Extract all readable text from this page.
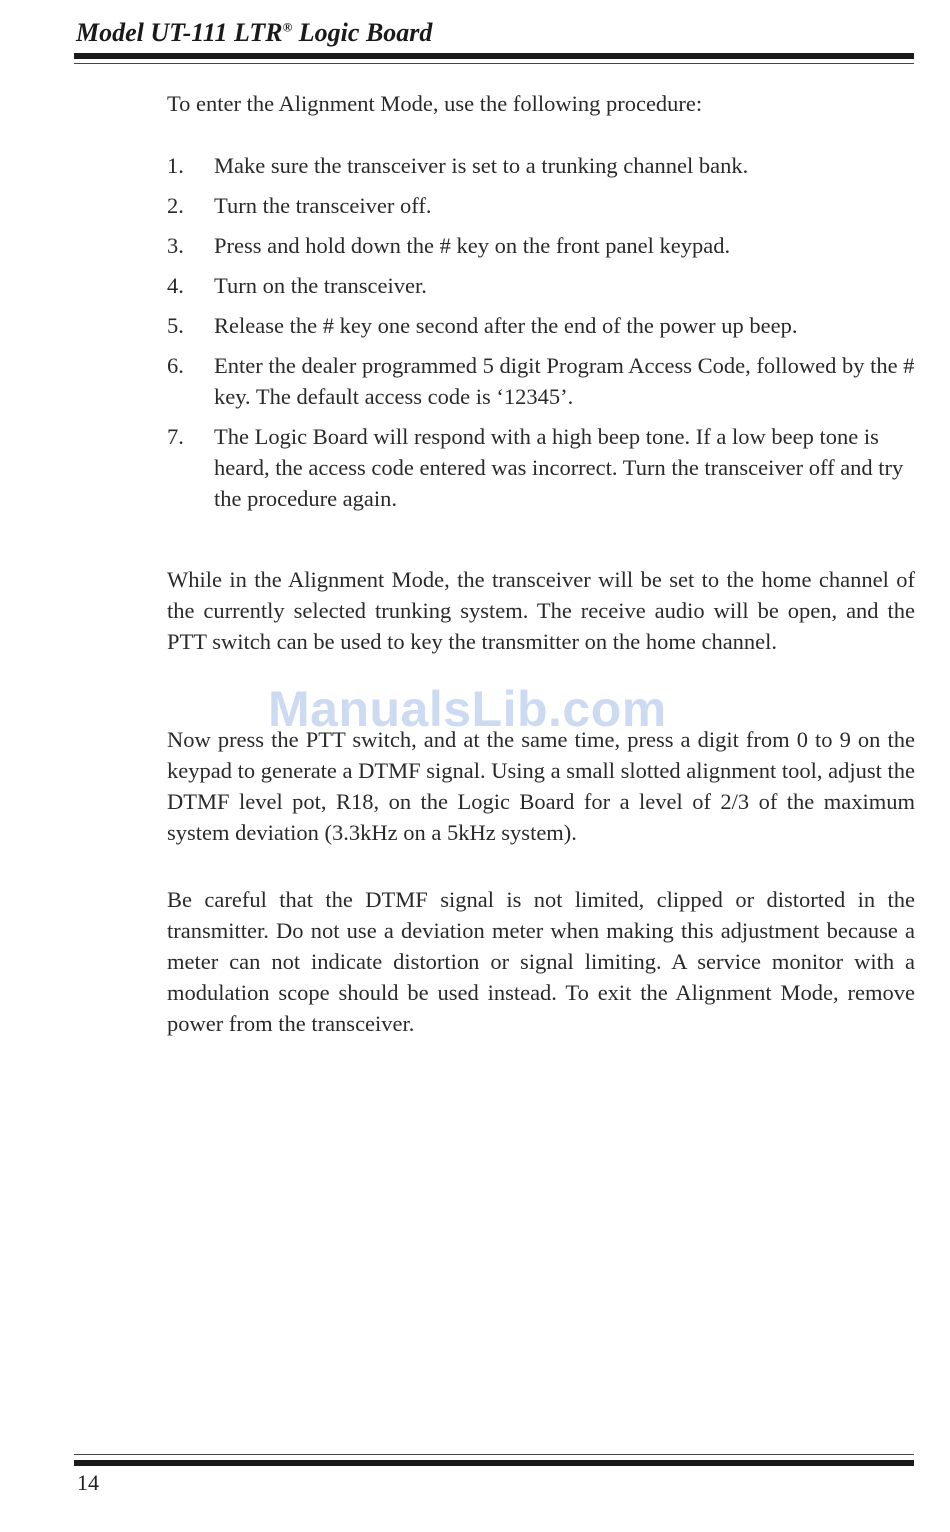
Model UT-111 LTR® Logic Board
To enter the Alignment Mode, use the following procedure:
1. Make sure the transceiver is set to a trunking channel bank.
2. Turn the transceiver off.
3. Press and hold down the # key on the front panel keypad.
4. Turn on the transceiver.
5. Release the # key one second after the end of the power up beep.
6. Enter the dealer programmed 5 digit Program Access Code, followed by the # key. The default access code is ‘12345’.
7. The Logic Board will respond with a high beep tone. If a low beep tone is heard, the access code entered was incorrect. Turn the transceiver off and try the procedure again.

While in the Alignment Mode, the transceiver will be set to the home channel of the currently selected trunking system. The receive audio will be open, and the PTT switch can be used to key the transmitter on the home channel.

ManualsLib.com

Now press the PTT switch, and at the same time, press a digit from 0 to 9 on the keypad to generate a DTMF signal. Using a small slotted alignment tool, adjust the DTMF level pot, R18, on the Logic Board for a level of 2/3 of the maximum system deviation (3.3kHz on a 5kHz system).

Be careful that the DTMF signal is not limited, clipped or distorted in the transmitter. Do not use a deviation meter when making this adjustment because a meter can not indicate distortion or signal limiting. A service monitor with a modulation scope should be used instead. To exit the Alignment Mode, remove power from the transceiver.

14
